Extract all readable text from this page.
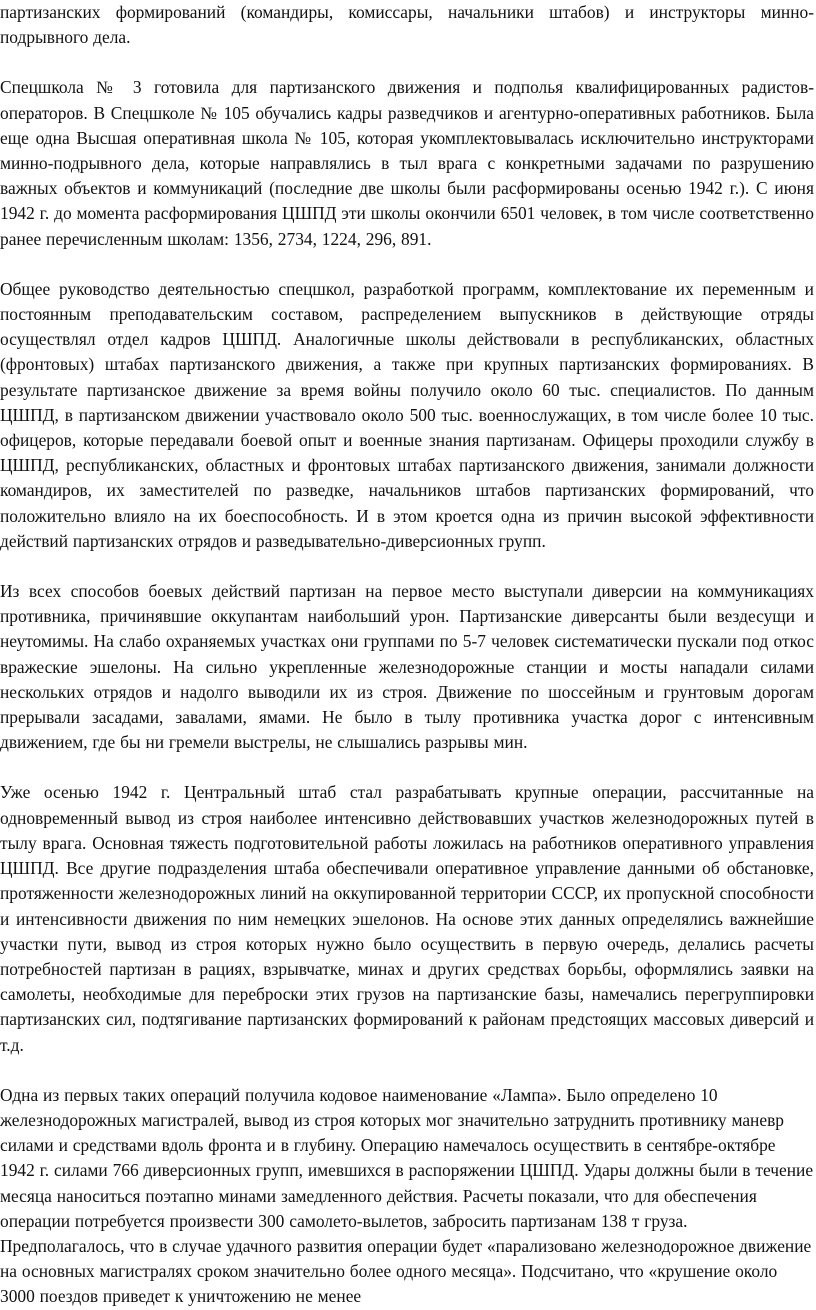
партизанских формирований (командиры, комиссары, начальники штабов) и инструкторы минно-подрывного дела.

Спецшкола № 3 готовила для партизанского движения и подполья квалифицированных радистов-операторов. В Спецшколе № 105 обучались кадры разведчиков и агентурно-оперативных работников. Была еще одна Высшая оперативная школа № 105, которая укомплектовывалась исключительно инструкторами минно-подрывного дела, которые направлялись в тыл врага с конкретными задачами по разрушению важных объектов и коммуникаций (последние две школы были расформированы осенью 1942 г.). С июня 1942 г. до момента расформирования ЦШПД эти школы окончили 6501 человек, в том числе соответственно ранее перечисленным школам: 1356, 2734, 1224, 296, 891.

Общее руководство деятельностью спецшкол, разработкой программ, комплектование их переменным и постоянным преподавательским составом, распределением выпускников в действующие отряды осуществлял отдел кадров ЦШПД. Аналогичные школы действовали в республиканских, областных (фронтовых) штабах партизанского движения, а также при крупных партизанских формированиях. В результате партизанское движение за время войны получило около 60 тыс. специалистов. По данным ЦШПД, в партизанском движении участвовало около 500 тыс. военнослужащих, в том числе более 10 тыс. офицеров, которые передавали боевой опыт и военные знания партизанам. Офицеры проходили службу в ЦШПД, республиканских, областных и фронтовых штабах партизанского движения, занимали должности командиров, их заместителей по разведке, начальников штабов партизанских формирований, что положительно влияло на их боеспособность. И в этом кроется одна из причин высокой эффективности действий партизанских отрядов и разведывательно-диверсионных групп.

Из всех способов боевых действий партизан на первое место выступали диверсии на коммуникациях противника, причинявшие оккупантам наибольший урон. Партизанские диверсанты были вездесущи и неутомимы. На слабо охраняемых участках они группами по 5-7 человек систематически пускали под откос вражеские эшелоны. На сильно укрепленные железнодорожные станции и мосты нападали силами нескольких отрядов и надолго выводили их из строя. Движение по шоссейным и грунтовым дорогам прерывали засадами, завалами, ямами. Не было в тылу противника участка дорог с интенсивным движением, где бы ни гремели выстрелы, не слышались разрывы мин.

Уже осенью 1942 г. Центральный штаб стал разрабатывать крупные операции, рассчитанные на одновременный вывод из строя наиболее интенсивно действовавших участков железнодорожных путей в тылу врага. Основная тяжесть подготовительной работы ложилась на работников оперативного управления ЦШПД. Все другие подразделения штаба обеспечивали оперативное управление данными об обстановке, протяженности железнодорожных линий на оккупированной территории СССР, их пропускной способности и интенсивности движения по ним немецких эшелонов. На основе этих данных определялись важнейшие участки пути, вывод из строя которых нужно было осуществить в первую очередь, делались расчеты потребностей партизан в рациях, взрывчатке, минах и других средствах борьбы, оформлялись заявки на самолеты, необходимые для переброски этих грузов на партизанские базы, намечались перегруппировки партизанских сил, подтягивание партизанских формирований к районам предстоящих массовых диверсий и т.д.

Одна из первых таких операций получила кодовое наименование «Лампа». Было определено 10 железнодорожных магистралей, вывод из строя которых мог значительно затруднить противнику маневр силами и средствами вдоль фронта и в глубину. Операцию намечалось осуществить в сентябре-октябре 1942 г. силами 766 диверсионных групп, имевшихся в распоряжении ЦШПД. Удары должны были в течение месяца наноситься поэтапно минами замедленного действия. Расчеты показали, что для обеспечения операции потребуется произвести 300 самолето-вылетов, забросить партизанам 138 т груза. Предполагалось, что в случае удачного развития операции будет «парализовано железнодорожное движение на основных магистралях сроком значительно более одного месяца». Подсчитано, что «крушение около 3000 поездов приведет к уничтожению не менее
